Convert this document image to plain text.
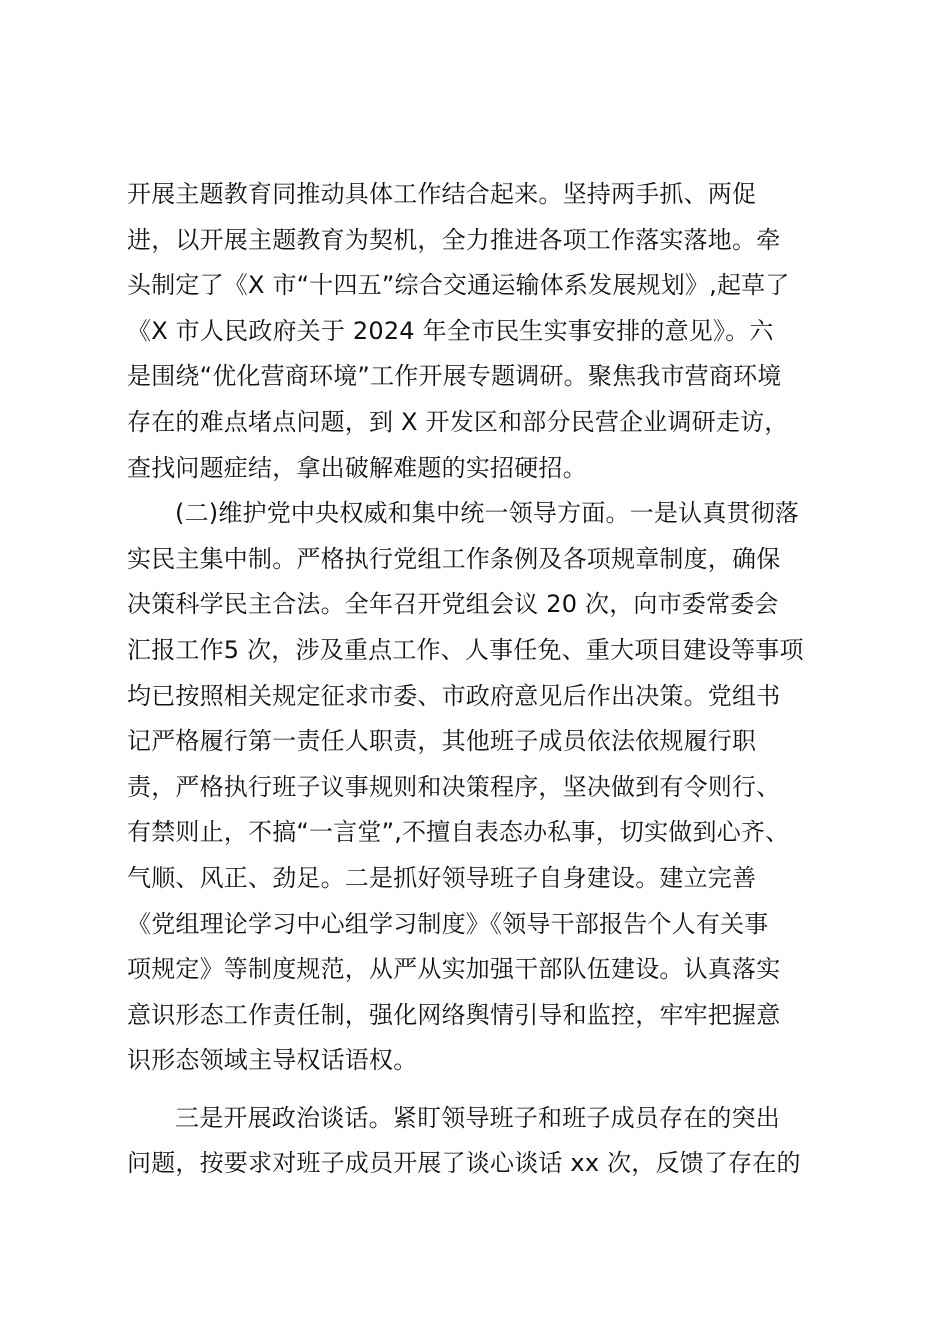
开展主题教育同推动具体工作结合起来。坚持两手抓、两促
进，以开展主题教育为契机，全力推进各项工作落实落地。牵
头制定了《X 市“十四五”综合交通运输体系发展规划》,起草了
《X 市人民政府关于 2024 年全市民生实事安排的意见》。六
是围绕“优化营商环境”工作开展专题调研。聚焦我市营商环境
存在的难点堵点问题，到 X 开发区和部分民营企业调研走访，
查找问题症结，拿出破解难题的实招硬招。
(二)维护党中央权威和集中统一领导方面。一是认真贯彻落
实民主集中制。严格执行党组工作条例及各项规章制度，确保
决策科学民主合法。全年召开党组会议 20 次，向市委常委会
汇报工作5 次，涉及重点工作、人事任免、重大项目建设等事项
均已按照相关规定征求市委、市政府意见后作出决策。党组书
记严格履行第一责任人职责，其他班子成员依法依规履行职
责，严格执行班子议事规则和决策程序，坚决做到有令则行、
有禁则止，不搞“一言堂”,不擅自表态办私事，切实做到心齐、
气顺、风正、劲足。二是抓好领导班子自身建设。建立完善
《党组理论学习中心组学习制度》《领导干部报告个人有关事
项规定》等制度规范，从严从实加强干部队伍建设。认真落实
意识形态工作责任制，强化网络舆情引导和监控，牢牢把握意
识形态领域主导权话语权。
三是开展政治谈话。紧盯领导班子和班子成员存在的突出
问题，按要求对班子成员开展了谈心谈话 xx 次，反馈了存在的
